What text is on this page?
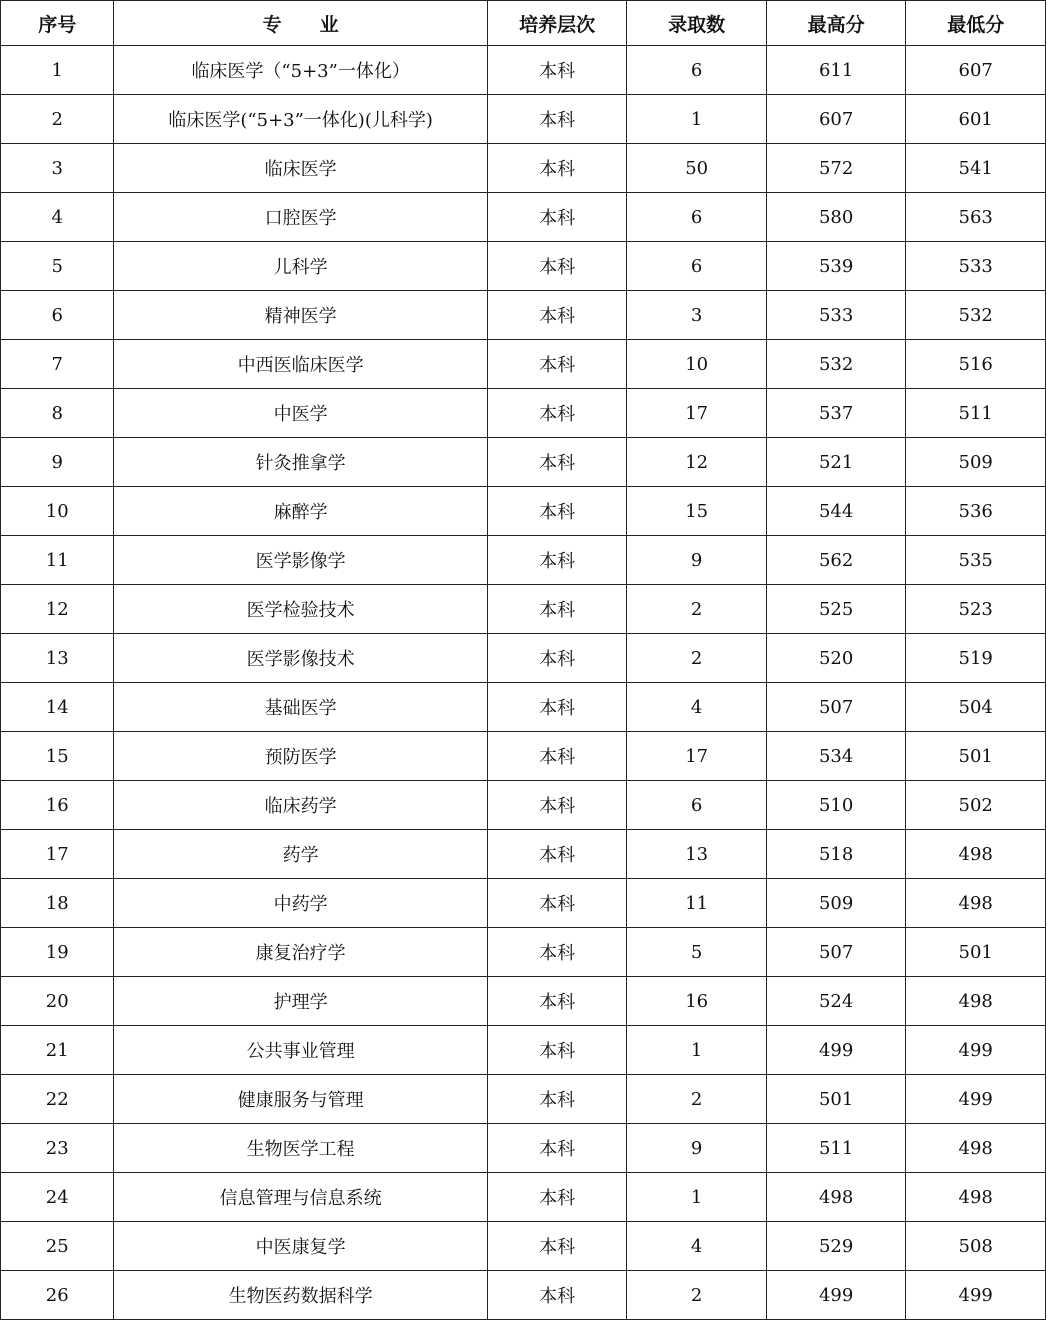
序号	专　　业	培养层次	录取数	最高分	最低分
1	临床医学（“5+3”一体化）	本科	6	611	607
2	临床医学(“5+3”一体化)(儿科学)	本科	1	607	601
3	临床医学	本科	50	572	541
4	口腔医学	本科	6	580	563
5	儿科学	本科	6	539	533
6	精神医学	本科	3	533	532
7	中西医临床医学	本科	10	532	516
8	中医学	本科	17	537	511
9	针灸推拿学	本科	12	521	509
10	麻醉学	本科	15	544	536
11	医学影像学	本科	9	562	535
12	医学检验技术	本科	2	525	523
13	医学影像技术	本科	2	520	519
14	基础医学	本科	4	507	504
15	预防医学	本科	17	534	501
16	临床药学	本科	6	510	502
17	药学	本科	13	518	498
18	中药学	本科	11	509	498
19	康复治疗学	本科	5	507	501
20	护理学	本科	16	524	498
21	公共事业管理	本科	1	499	499
22	健康服务与管理	本科	2	501	499
23	生物医学工程	本科	9	511	498
24	信息管理与信息系统	本科	1	498	498
25	中医康复学	本科	4	529	508
26	生物医药数据科学	本科	2	499	499
